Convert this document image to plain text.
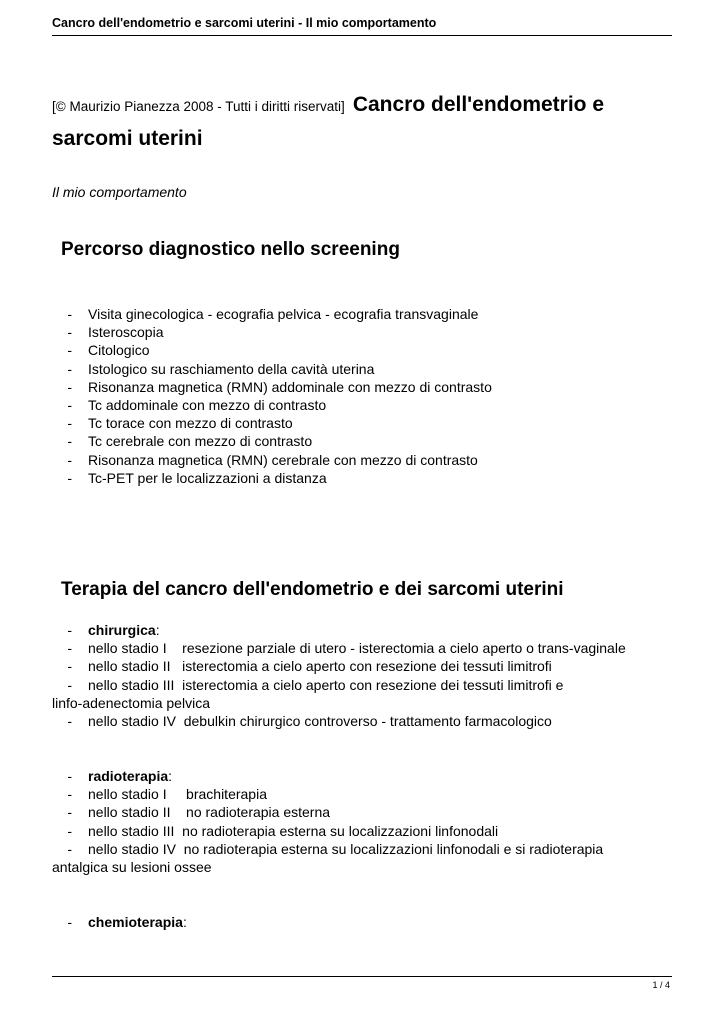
Cancro dell'endometrio e sarcomi uterini - Il mio comportamento
[© Maurizio Pianezza 2008 - Tutti i diritti riservati] Cancro dell'endometrio e
sarcomi uterini
Il mio comportamento
Percorso diagnostico nello screening
- Visita ginecologica - ecografia pelvica - ecografia transvaginale
- Isteroscopia
- Citologico
- Istologico su raschiamento della cavità uterina
- Risonanza magnetica (RMN) addominale con mezzo di contrasto
- Tc addominale con mezzo di contrasto
- Tc torace con mezzo di contrasto
- Tc cerebrale con mezzo di contrasto
- Risonanza magnetica (RMN) cerebrale con mezzo di contrasto
- Tc-PET per le localizzazioni a distanza
Terapia del cancro dell'endometrio e dei sarcomi uterini
- chirurgica:
- nello stadio I    resezione parziale di utero - isterectomia a cielo aperto o trans-vaginale
- nello stadio II   isterectomia a cielo aperto con resezione dei tessuti limitrofi
- nello stadio III  isterectomia a cielo aperto con resezione dei tessuti limitrofi e
linfo-adenectomia pelvica
- nello stadio IV  debulkin chirurgico controverso - trattamento farmacologico
- radioterapia:
- nello stadio I     brachiterapia
- nello stadio II    no radioterapia esterna
- nello stadio III  no radioterapia esterna su localizzazioni linfonodali
- nello stadio IV  no radioterapia esterna su localizzazioni linfonodali e si radioterapia
antalgica su lesioni ossee
- chemioterapia:
1 / 4
